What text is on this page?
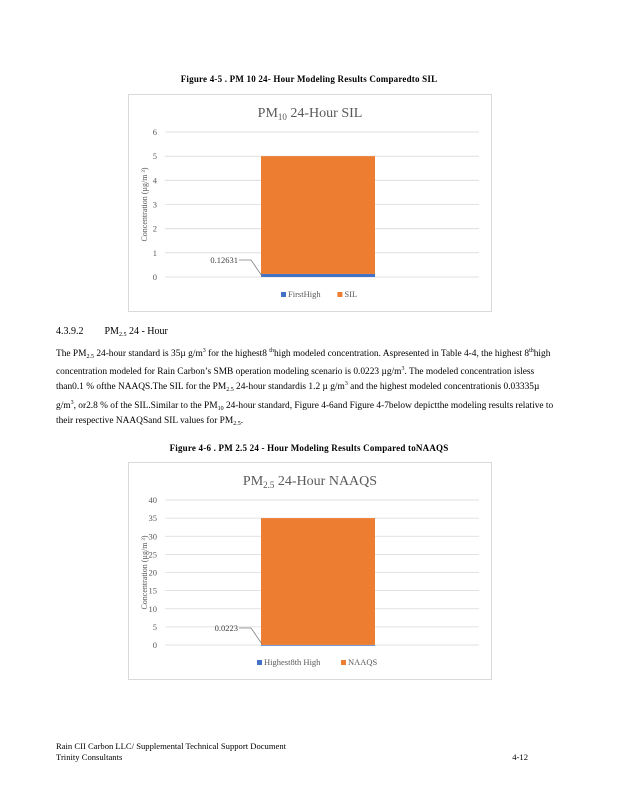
Figure 4-5 . PM 10 24- Hour Modeling Results Comparedto SIL
$PM_{10}$ 24-Hour SIL
0
1
2
3
4
5
6
Concentration (µg/m ³)
0.12631
FirstHigh	SIL
4.3.9.2 $PM_{2.5}$ 24 - Hour

The $PM_{2.5}$ 24-hour standard is 35µ $g/m^3$ for the highest8 $^{th}$high modeled concentration. Aspresented in Table 4-4, the highest 8thhigh concentration modeled for Rain Carbon’s SMB operation modeling scenario is 0.0223 $\mu g/m^3$. The modeled concentration isless than0.1 % ofthe NAAQS.The SIL for the $PM_{2.5}$ 24-hour standardis 1.2 µ $g/m^3$ and the highest modeled concentrationis 0.03335µ $g/m^3$, or2.8 % of the SIL.Similar to the $PM_{10}$ 24-hour standard, Figure 4-6and Figure 4-7below depictthe modeling results relative to their respective NAAQSand SIL values for $PM_{2.5}$.

Figure 4-6 . PM 2.5 24 - Hour Modeling Results Compared toNAAQS
$PM_{2.5}$ 24-Hour NAAQS
0
5
10
15
20
25
30
35
40
Concentration (µg/m ³)
0.0223
Highest8th High	NAAQS
Rain CII Carbon LLC/ Supplemental Technical Support Document
Trinity Consultants	4-12
